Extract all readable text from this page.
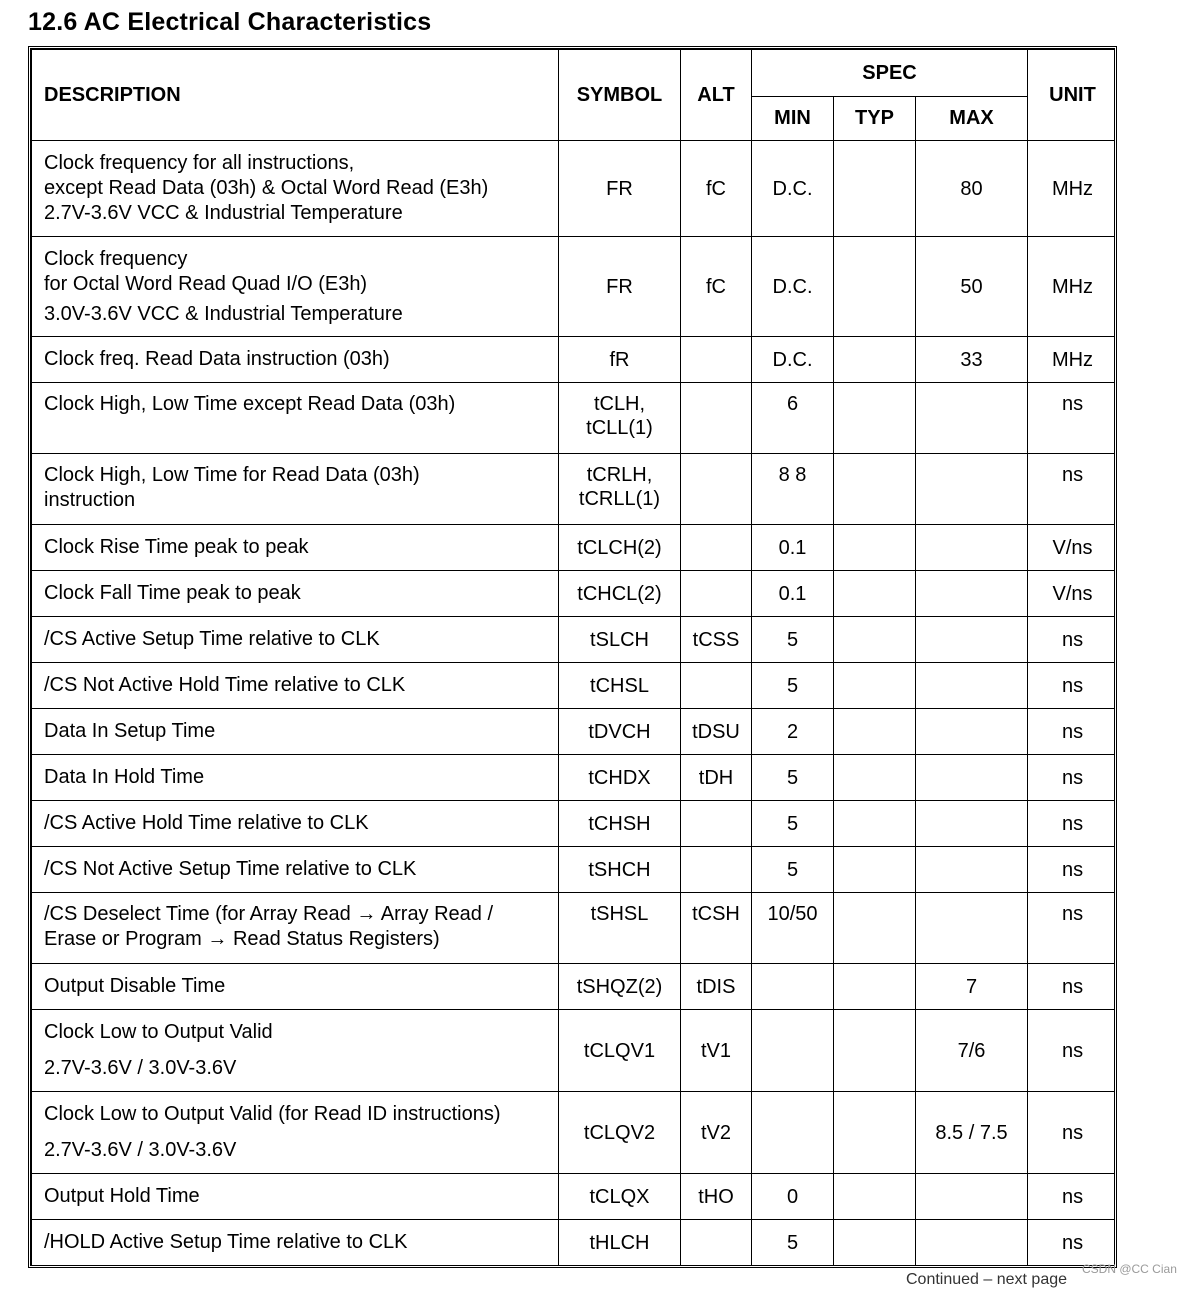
12.6 AC Electrical Characteristics
DESCRIPTION	SYMBOL	ALT	SPEC			UNIT
			MIN	TYP	MAX	

Clock frequency for all instructions,
except Read Data (03h) & Octal Word Read (E3h)
2.7V-3.6V VCC & Industrial Temperature	FR	fC	D.C.		80	MHz

Clock frequency
for Octal Word Read Quad I/O (E3h)
3.0V-3.6V VCC & Industrial Temperature	FR	fC	D.C.		50	MHz

Clock freq. Read Data instruction (03h)	fR		D.C.		33	MHz

Clock High, Low Time except Read Data (03h)	tCLH, tCLL(1)		6			ns

Clock High, Low Time for Read Data (03h)
instruction	tCRLH, tCRLL(1)		8 8			ns

Clock Rise Time peak to peak	tCLCH(2)		0.1			V/ns

Clock Fall Time peak to peak	tCHCL(2)		0.1			V/ns

/CS Active Setup Time relative to CLK	tSLCH	tCSS	5			ns

/CS Not Active Hold Time relative to CLK	tCHSL		5			ns

Data In Setup Time	tDVCH	tDSU	2			ns

Data In Hold Time	tCHDX	tDH	5			ns

/CS Active Hold Time relative to CLK	tCHSH		5			ns

/CS Not Active Setup Time relative to CLK	tSHCH		5			ns

/CS Deselect Time (for Array Read → Array Read /
Erase or Program → Read Status Registers)	tSHSL	tCSH	10/50			ns

Output Disable Time	tSHQZ(2)	tDIS			7	ns

Clock Low to Output Valid
2.7V-3.6V / 3.0V-3.6V	tCLQV1	tV1			7/6	ns

Clock Low to Output Valid (for Read ID instructions)
2.7V-3.6V / 3.0V-3.6V	tCLQV2	tV2			8.5 / 7.5	ns

Output Hold Time	tCLQX	tHO	0			ns

/HOLD Active Setup Time relative to CLK	tHLCH		5			ns
Continued – next page
CSDN @CC Cian
